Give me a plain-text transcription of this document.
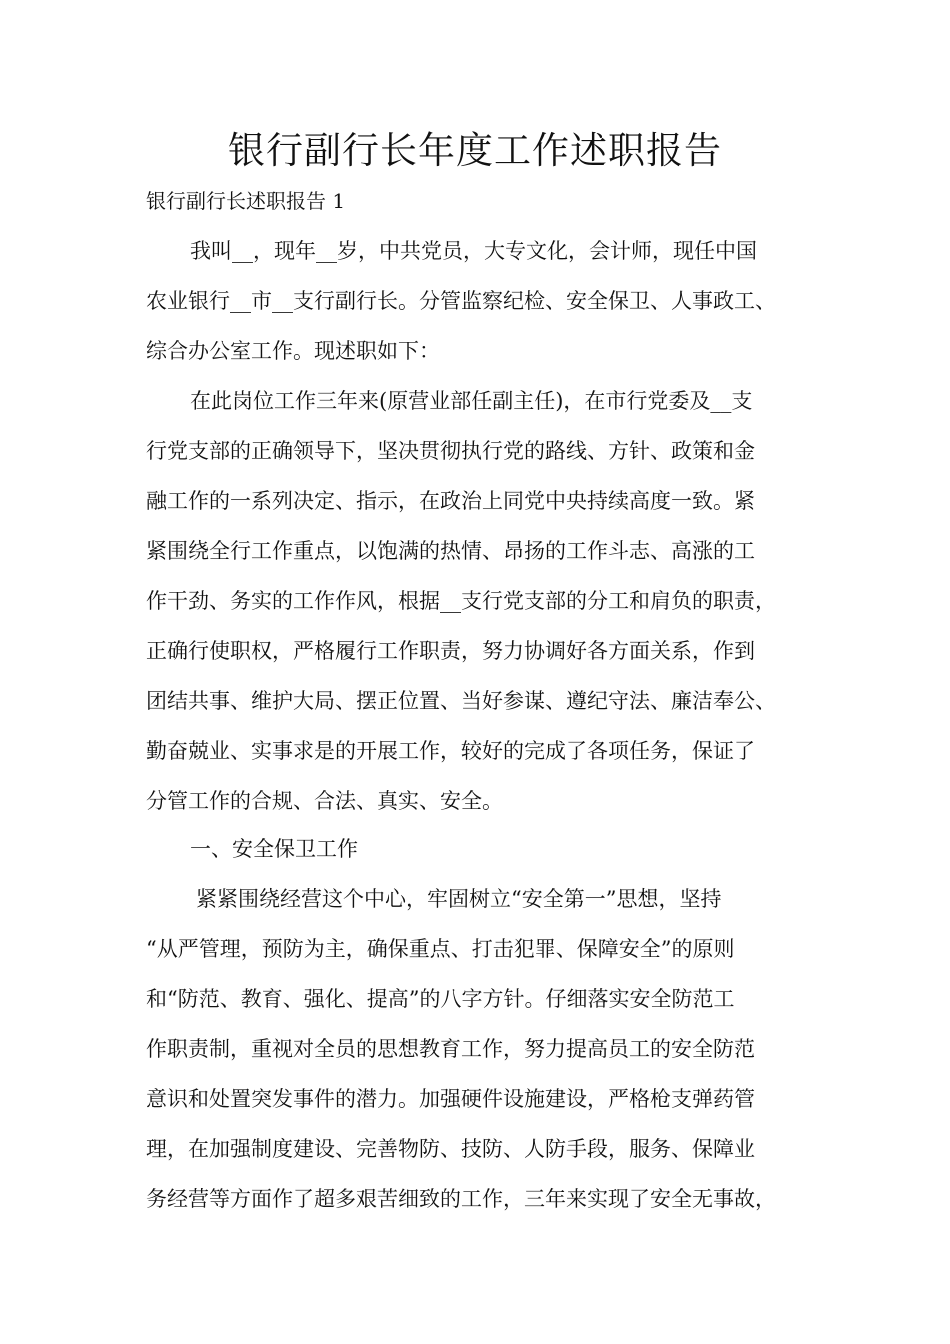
银行副行长年度工作述职报告
银行副行长述职报告 1
我叫__，现年__岁，中共党员，大专文化，会计师，现任中国
农业银行__市__支行副行长。分管监察纪检、安全保卫、人事政工、
综合办公室工作。现述职如下：
在此岗位工作三年来(原营业部任副主任)，在市行党委及__支
行党支部的正确领导下，坚决贯彻执行党的路线、方针、政策和金
融工作的一系列决定、指示，在政治上同党中央持续高度一致。紧
紧围绕全行工作重点，以饱满的热情、昂扬的工作斗志、高涨的工
作干劲、务实的工作作风，根据__支行党支部的分工和肩负的职责，
正确行使职权，严格履行工作职责，努力协调好各方面关系，作到
团结共事、维护大局、摆正位置、当好参谋、遵纪守法、廉洁奉公、
勤奋兢业、实事求是的开展工作，较好的完成了各项任务，保证了
分管工作的合规、合法、真实、安全。
一、安全保卫工作
紧紧围绕经营这个中心，牢固树立“安全第一”思想，坚持
“从严管理，预防为主，确保重点、打击犯罪、保障安全”的原则
和“防范、教育、强化、提高”的八字方针。仔细落实安全防范工
作职责制，重视对全员的思想教育工作，努力提高员工的安全防范
意识和处置突发事件的潜力。加强硬件设施建设，严格枪支弹药管
理，在加强制度建设、完善物防、技防、人防手段，服务、保障业
务经营等方面作了超多艰苦细致的工作，三年来实现了安全无事故，
